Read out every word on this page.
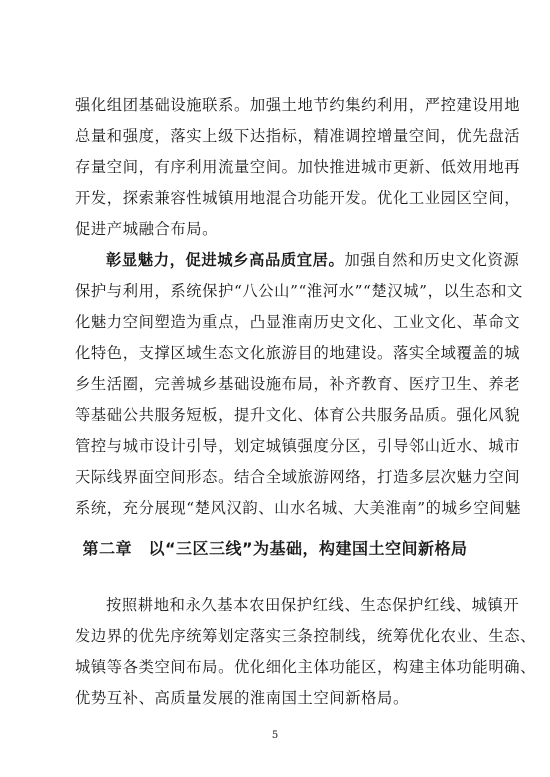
强化组团基础设施联系。加强土地节约集约利用，严控建设用地
总量和强度，落实上级下达指标，精准调控增量空间，优先盘活
存量空间，有序利用流量空间。加快推进城市更新、低效用地再
开发，探索兼容性城镇用地混合功能开发。优化工业园区空间，
促进产城融合布局。
彰显魅力，促进城乡高品质宜居。加强自然和历史文化资源
保护与利用，系统保护“八公山”“淮河水”“楚汉城”，以生态和文
化魅力空间塑造为重点，凸显淮南历史文化、工业文化、革命文
化特色，支撑区域生态文化旅游目的地建设。落实全域覆盖的城
乡生活圈，完善城乡基础设施布局，补齐教育、医疗卫生、养老
等基础公共服务短板，提升文化、体育公共服务品质。强化风貌
管控与城市设计引导，划定城镇强度分区，引导邻山近水、城市
天际线界面空间形态。结合全域旅游网络，打造多层次魅力空间
系统，充分展现“楚风汉韵、山水名城、大美淮南”的城乡空间魅
第二章　以“三区三线”为基础，构建国土空间新格局
按照耕地和永久基本农田保护红线、生态保护红线、城镇开
发边界的优先序统筹划定落实三条控制线，统筹优化农业、生态、
城镇等各类空间布局。优化细化主体功能区，构建主体功能明确、
优势互补、高质量发展的淮南国土空间新格局。
5
